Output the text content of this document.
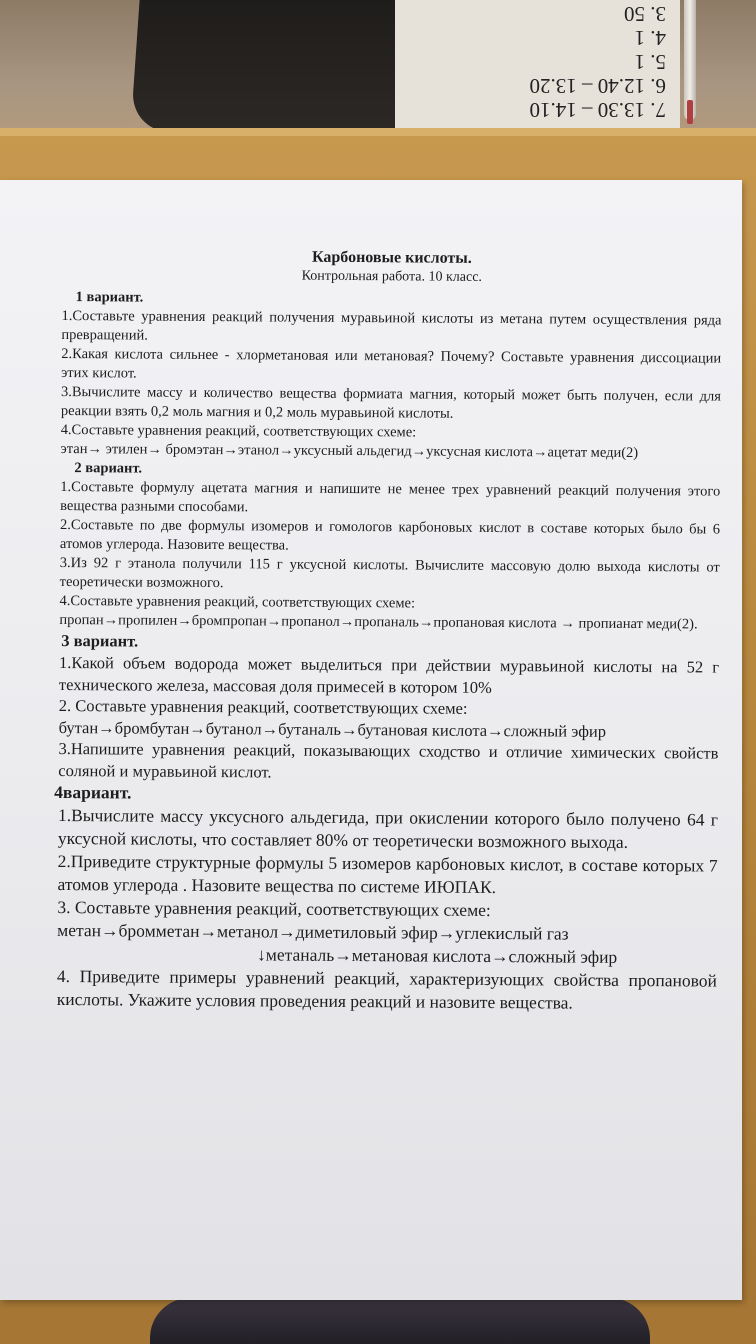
7. 13.30 – 14.10
6. 12.40 – 13.20
5. 1
4. 1
3. 50
Карбоновые кислоты.
Контрольная работа. 10 класс.
1 вариант.
1.Составьте уравнения реакций получения муравьиной кислоты из метана путем осуществления ряда превращений.
2.Какая кислота сильнее - хлорметановая или метановая? Почему? Составьте уравнения диссоциации этих кислот.
3.Вычислите массу и количество вещества формиата магния, который может быть получен, если для реакции взять 0,2 моль магния и 0,2 моль муравьиной кислоты.
4.Составьте уравнения реакций, соответствующих схеме:
этан→ этилен→ бромэтан→этанол→уксусный альдегид→уксусная кислота→ацетат меди(2)
2 вариант.
1.Составьте формулу ацетата магния и напишите не менее трех уравнений реакций получения этого вещества разными способами.
2.Составьте по две формулы изомеров и гомологов карбоновых кислот в составе которых было бы 6 атомов углерода. Назовите вещества.
3.Из 92 г этанола получили 115 г уксусной кислоты. Вычислите массовую долю выхода кислоты от теоретически возможного.
4.Составьте уравнения реакций, соответствующих схеме:
пропан→пропилен→бромпропан→пропанол→пропаналь→пропановая кислота → пропианат меди(2).
3 вариант.
1.Какой объем водорода может выделиться при действии муравьиной кислоты на 52 г технического железа, массовая доля примесей в котором 10%
2. Составьте уравнения реакций, соответствующих схеме:
бутан→бромбутан→бутанол→бутаналь→бутановая кислота→сложный эфир
3.Напишите уравнения реакций, показывающих сходство и отличие химических свойств соляной и муравьиной кислот.
4вариант.
1.Вычислите массу уксусного альдегида, при окислении которого было получено 64 г уксусной кислоты, что составляет 80% от теоретически возможного выхода.
2.Приведите структурные формулы 5 изомеров карбоновых кислот, в составе которых 7 атомов углерода . Назовите вещества по системе ИЮПАК.
3. Составьте уравнения реакций, соответствующих схеме:
метан→бромметан→метанол→диметиловый эфир→углекислый газ
↓метаналь→метановая кислота→сложный эфир
4. Приведите примеры уравнений реакций, характеризующих свойства пропановой кислоты. Укажите условия проведения реакций и назовите вещества.
